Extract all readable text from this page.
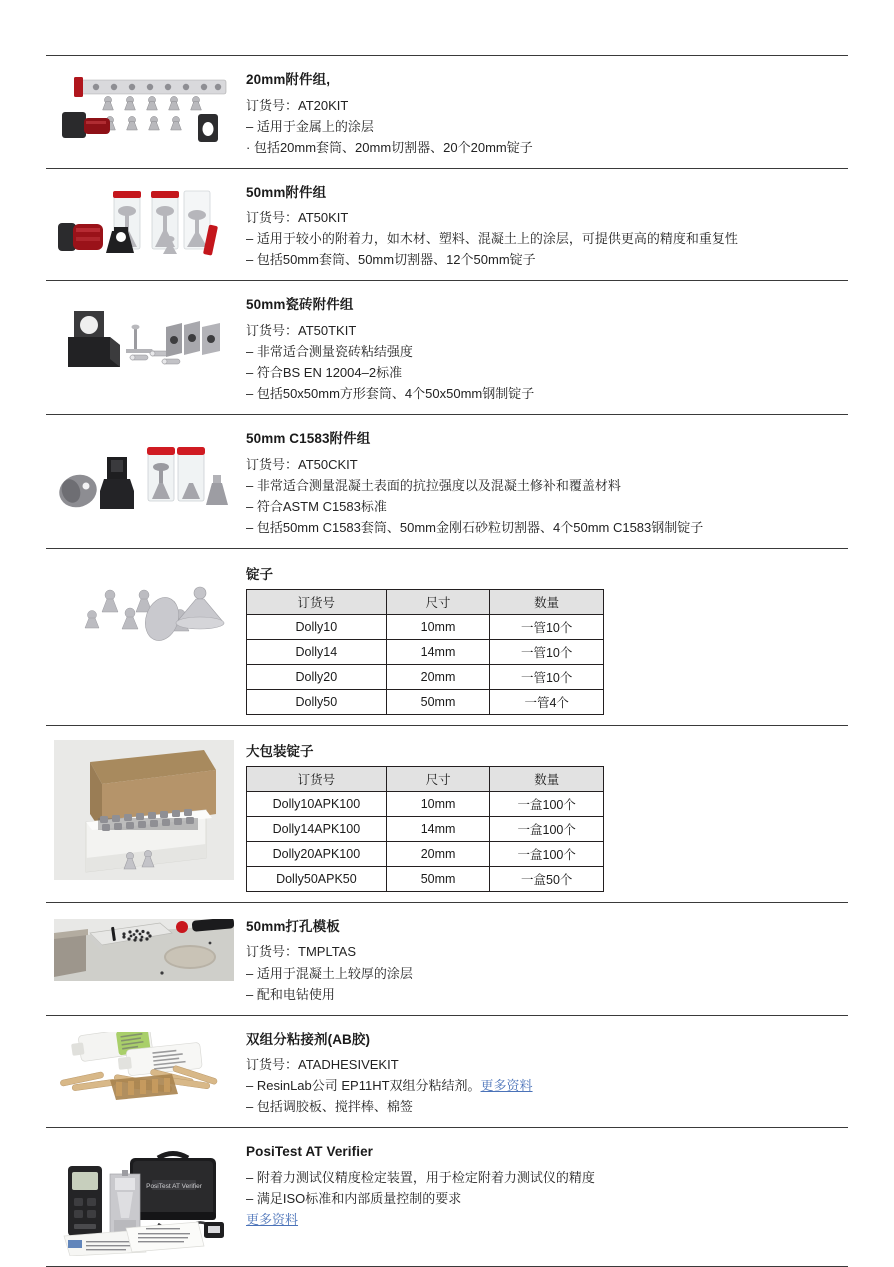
20mm附件组,
订货号：AT20KIT
– 适用于金属上的涂层
· 包括20mm套筒、20mm切割器、20个20mm锭子
50mm附件组
订货号：AT50KIT
– 适用于较小的附着力，如木材、塑料、混凝土上的涂层，可提供更高的精度和重复性
– 包括50mm套筒、50mm切割器、12个50mm锭子
50mm瓷砖附件组
订货号：AT50TKIT
– 非常适合测量瓷砖粘结强度
– 符合BS EN 12004–2标准
– 包括50x50mm方形套筒、4个50x50mm钢制锭子
50mm C1583附件组
订货号：AT50CKIT
– 非常适合测量混凝土表面的抗拉强度以及混凝土修补和覆盖材料
– 符合ASTM C1583标准
– 包括50mm C1583套筒、50mm金刚石砂粒切割器、4个50mm C1583钢制锭子
锭子
订货号	尺寸	数量
Dolly10	10mm	一管10个
Dolly14	14mm	一管10个
Dolly20	20mm	一管10个
Dolly50	50mm	一管4个
大包装锭子
订货号	尺寸	数量
Dolly10APK100	10mm	一盒100个
Dolly14APK100	14mm	一盒100个
Dolly20APK100	20mm	一盒100个
Dolly50APK50	50mm	一盒50个
50mm打孔模板
订货号：TMPLTAS
– 适用于混凝土上较厚的涂层
– 配和电钻使用
双组分粘接剂(AB胶)
订货号：ATADHESIVEKIT
– ResinLab公司 EP11HT双组分粘结剂。更多资料
– 包括调胶板、搅拌棒、棉签
PosiTest AT Verifier
PosiTest AT Verifier
– 附着力测试仪精度检定装置，用于检定附着力测试仪的精度
– 满足ISO标准和内部质量控制的要求
更多资料
